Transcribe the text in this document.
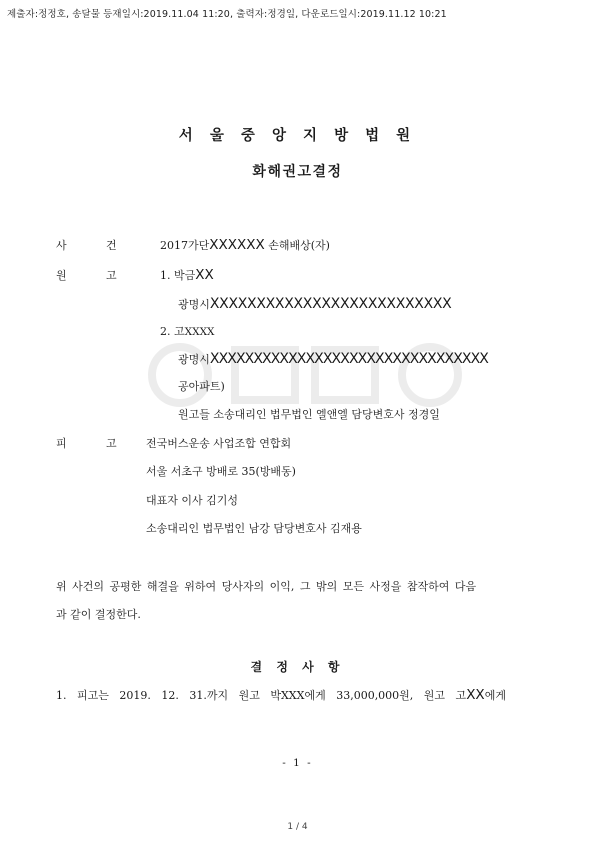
제출자:정정호, 송달물 등재일시:2019.11.04 11:20, 출력자:정경일, 다운로드일시:2019.11.12 10:21
서 울 중 앙 지 방 법 원
화해권고결정
사	건	2017가단XXXXXX 손해배상(자)
원	고	1. 박금XX
광명시XXXXXXXXXXXXXXXXXXXXXXXXXX
2. 고XXXX
광명시XXXXXXXXXXXXXXXXXXXXXXXXXXXXXXXX
공아파트)
원고들 소송대리인 법무법인 엘앤엘 담당변호사 정경일
피	고	전국버스운송 사업조합 연합회
서울 서초구 방배로 35(방배동)
대표자 이사 김기성
소송대리인 법무법인 남강 담당변호사 김재용
위 사건의 공평한 해결을 위하여 당사자의 이익, 그 밖의 모든 사정을 참작하여 다음
과 같이 결정한다.
결 정 사 항
1. 피고는 2019. 12. 31.까지 원고 박XXX에게 33,000,000원, 원고 고XX에게
- 1 -
1 / 4
